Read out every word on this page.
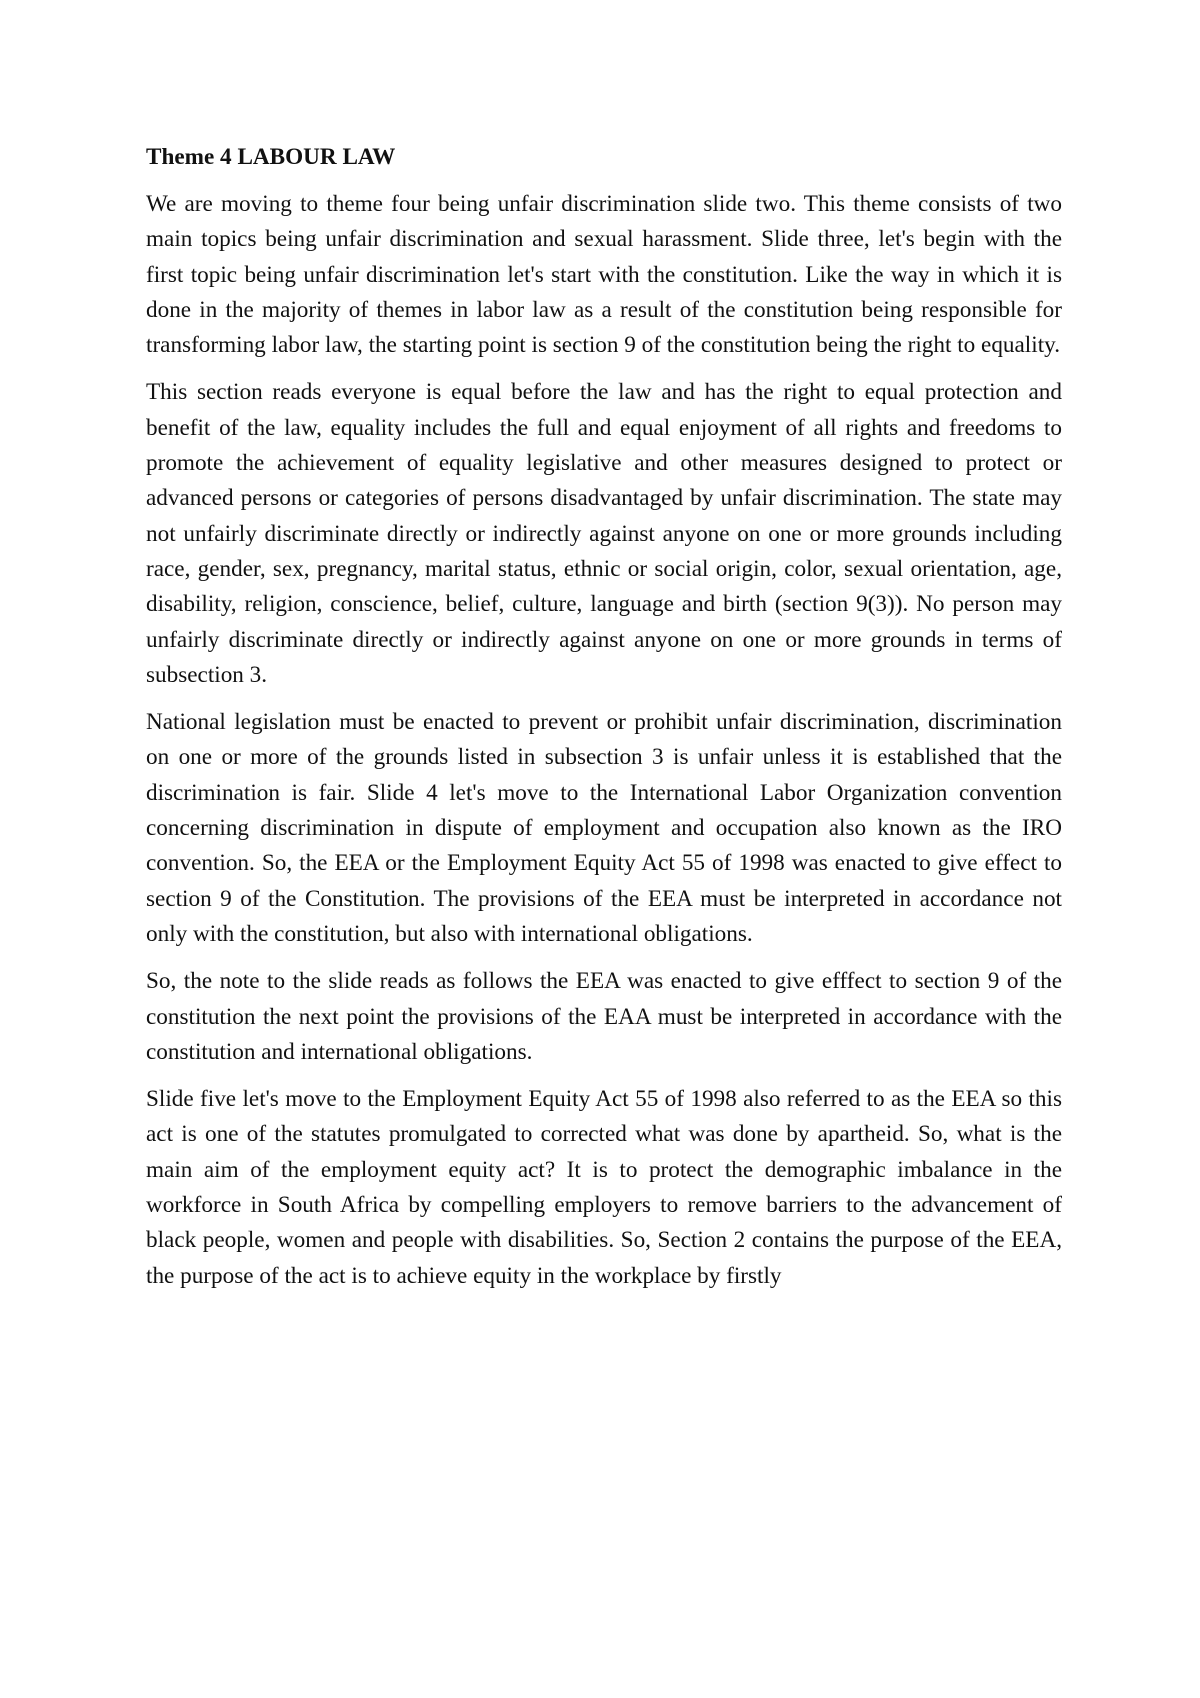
Theme 4 LABOUR LAW

We are moving to theme four being unfair discrimination slide two. This theme consists of two main topics being unfair discrimination and sexual harassment. Slide three, let's begin with the first topic being unfair discrimination let's start with the constitution. Like the way in which it is done in the majority of themes in labor law as a result of the constitution being responsible for transforming labor law, the starting point is section 9 of the constitution being the right to equality.

This section reads everyone is equal before the law and has the right to equal protection and benefit of the law, equality includes the full and equal enjoyment of all rights and freedoms to promote the achievement of equality legislative and other measures designed to protect or advanced persons or categories of persons disadvantaged by unfair discrimination. The state may not unfairly discriminate directly or indirectly against anyone on one or more grounds including race, gender, sex, pregnancy, marital status, ethnic or social origin, color, sexual orientation, age, disability, religion, conscience, belief, culture, language and birth (section 9(3)). No person may unfairly discriminate directly or indirectly against anyone on one or more grounds in terms of subsection 3.

National legislation must be enacted to prevent or prohibit unfair discrimination, discrimination on one or more of the grounds listed in subsection 3 is unfair unless it is established that the discrimination is fair. Slide 4 let's move to the International Labor Organization convention concerning discrimination in dispute of employment and occupation also known as the IRO convention. So, the EEA or the Employment Equity Act 55 of 1998 was enacted to give effect to section 9 of the Constitution. The provisions of the EEA must be interpreted in accordance not only with the constitution, but also with international obligations.

So, the note to the slide reads as follows the EEA was enacted to give efffect to section 9 of the constitution the next point the provisions of the EAA must be interpreted in accordance with the constitution and international obligations.

Slide five let's move to the Employment Equity Act 55 of 1998 also referred to as the EEA so this act is one of the statutes promulgated to corrected what was done by apartheid. So, what is the main aim of the employment equity act? It is to protect the demographic imbalance in the workforce in South Africa by compelling employers to remove barriers to the advancement of black people, women and people with disabilities. So, Section 2 contains the purpose of the EEA, the purpose of the act is to achieve equity in the workplace by firstly
